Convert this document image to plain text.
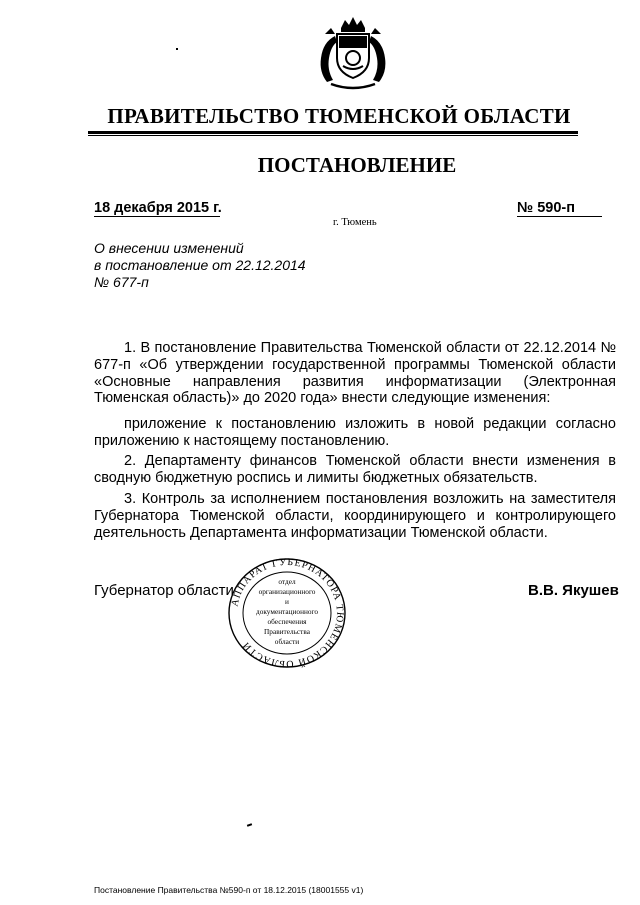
ПРАВИТЕЛЬСТВО ТЮМЕНСКОЙ ОБЛАСТИ
ПОСТАНОВЛЕНИЕ
18 декабря 2015 г.	№ 590-п
г. Тюмень
О внесении изменений
в постановление от 22.12.2014
№ 677-п
1. В постановление Правительства Тюменской области от 22.12.2014 № 677-п «Об утверждении государственной программы Тюменской области «Основные направления развития информатизации (Электронная Тюменская область)» до 2020 года» внести следующие изменения:
приложение к постановлению изложить в новой редакции согласно приложению к настоящему постановлению.
2. Департаменту финансов Тюменской области внести изменения в сводную бюджетную роспись и лимиты бюджетных обязательств.
3. Контроль за исполнением постановления возложить на заместителя Губернатора Тюменской области, координирующего и контролирующего деятельность Департамента информатизации Тюменской области.
Губернатор области	В.В. Якушев
АППАРАТ ГУБЕРНАТОРА ТЮМЕНСКОЙ ОБЛАСТИ
отдел
организационного
и
документационного
обеспечения
Правительства
области
Постановление Правительства №590-п от 18.12.2015 (18001555 v1)
